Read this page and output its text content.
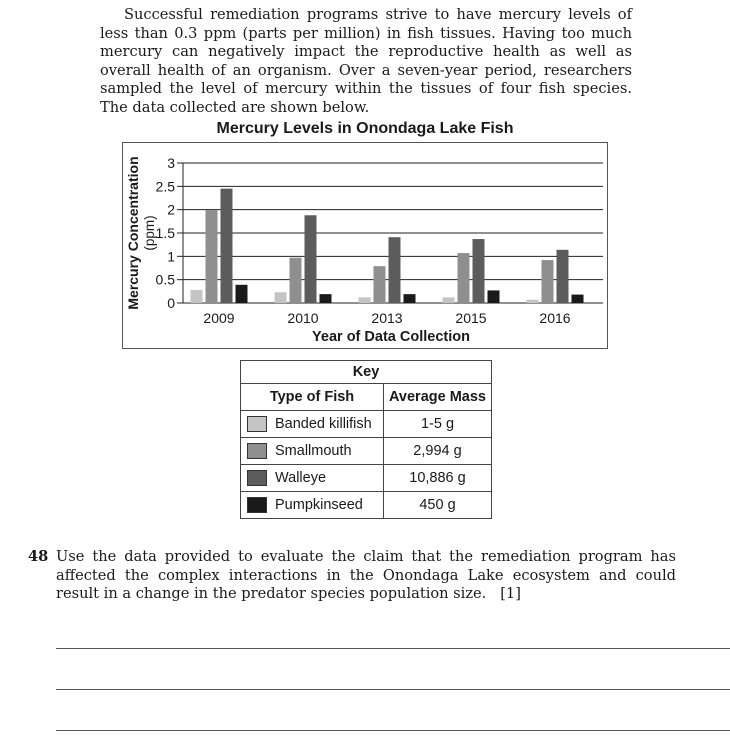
Successful remediation programs strive to have mercury levels of less than 0.3 ppm (parts per million) in fish tissues. Having too much mercury can negatively impact the reproductive health as well as overall health of an organism. Over a seven-year period, researchers sampled the level of mercury within the tissues of four fish species. The data collected are shown below.

Mercury Levels in Onondaga Lake Fish
0
0.5
1
1.5
2
2.5
3
2009	2010	2013	2015	2016
Year of Data Collection
Mercury Concentration (ppm)
Key	
Type of Fish	Average Mass

Banded killifish	1-5 g

Smallmouth	2,994 g

Walleye	10,886 g

Pumpkinseed	450 g
48 Use the data provided to evaluate the claim that the remediation program has affected the complex interactions in the Onondaga Lake ecosystem and could result in a change in the predator species population size. [1]
